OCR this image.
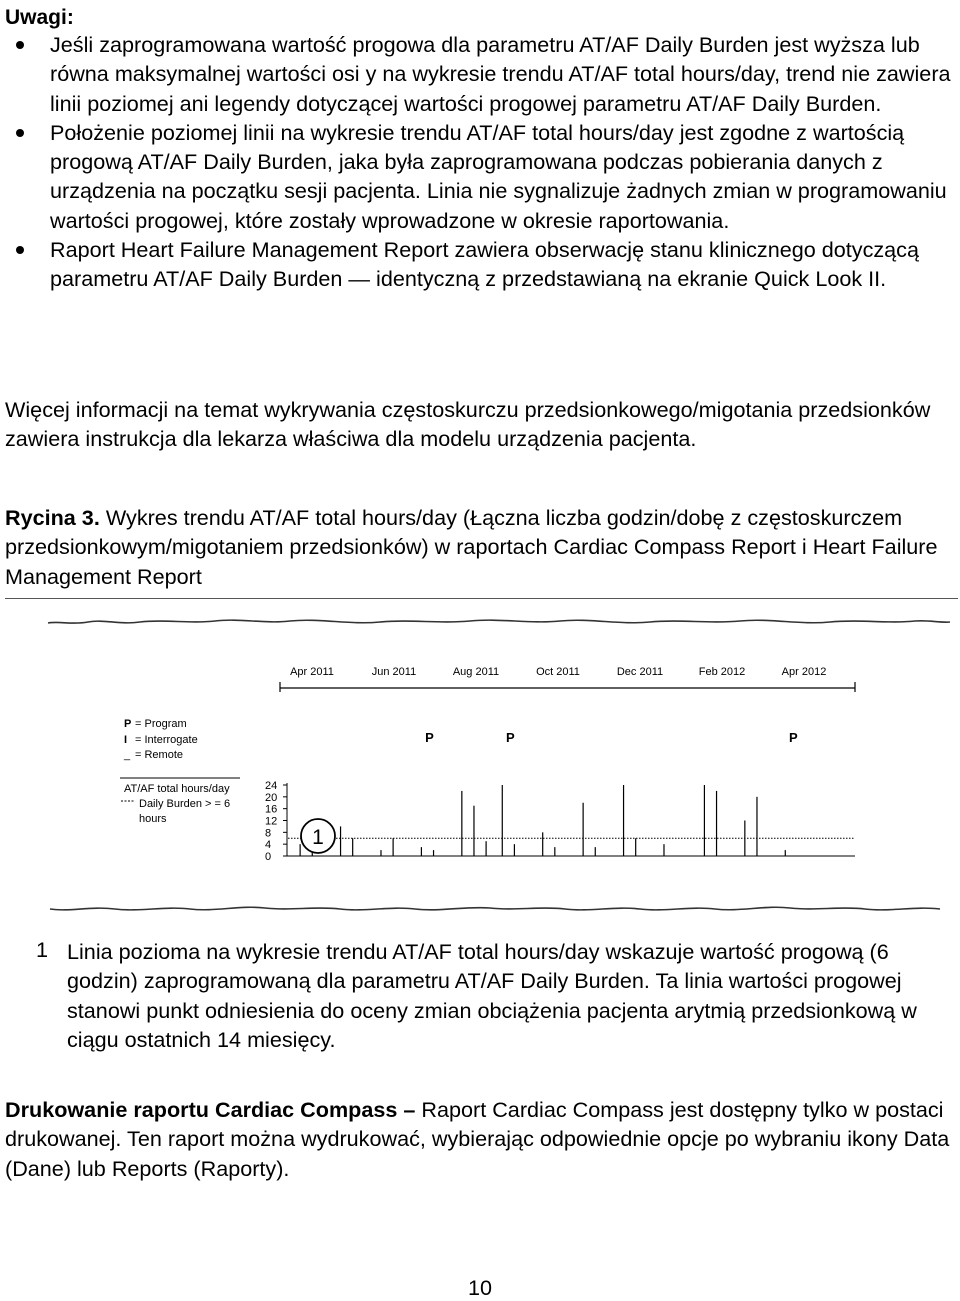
Uwagi:
Jeśli zaprogramowana wartość progowa dla parametru AT/AF Daily Burden jest wyższa lub równa maksymalnej wartości osi y na wykresie trendu AT/AF total hours/day, trend nie zawiera linii poziomej ani legendy dotyczącej wartości progowej parametru AT/AF Daily Burden.
Położenie poziomej linii na wykresie trendu AT/AF total hours/day jest zgodne z wartością progową AT/AF Daily Burden, jaka była zaprogramowana podczas pobierania danych z urządzenia na początku sesji pacjenta. Linia nie sygnalizuje żadnych zmian w programowaniu wartości progowej, które zostały wprowadzone w okresie raportowania.
Raport Heart Failure Management Report zawiera obserwację stanu klinicznego dotyczącą parametru AT/AF Daily Burden — identyczną z przedstawianą na ekranie Quick Look II.

Więcej informacji na temat wykrywania częstoskurczu przedsionkowego/migotania przedsionków zawiera instrukcja dla lekarza właściwa dla modelu urządzenia pacjenta.

Rycina 3. Wykres trendu AT/AF total hours/day (Łączna liczba godzin/dobę z częstoskurczem przedsionkowym/migotaniem przedsionków) w raportach Cardiac Compass Report i Heart Failure Management Report

Apr 2011	Jun 2011	Aug 2011	Oct 2011	Dec 2011	Feb 2012	Apr 2012
P = Program
I = Interrogate
_ = Remote
AT/AF total hours/day
Daily Burden > = 6
hours
24
20
16
12
8
4
0
P	P	P
1
1 Linia pozioma na wykresie trendu AT/AF total hours/day wskazuje wartość progową (6 godzin) zaprogramowaną dla parametru AT/AF Daily Burden. Ta linia wartości progowej stanowi punkt odniesienia do oceny zmian obciążenia pacjenta arytmią przedsionkową w ciągu ostatnich 14 miesięcy.

Drukowanie raportu Cardiac Compass – Raport Cardiac Compass jest dostępny tylko w postaci drukowanej. Ten raport można wydrukować, wybierając odpowiednie opcje po wybraniu ikony Data (Dane) lub Reports (Raporty).

10
